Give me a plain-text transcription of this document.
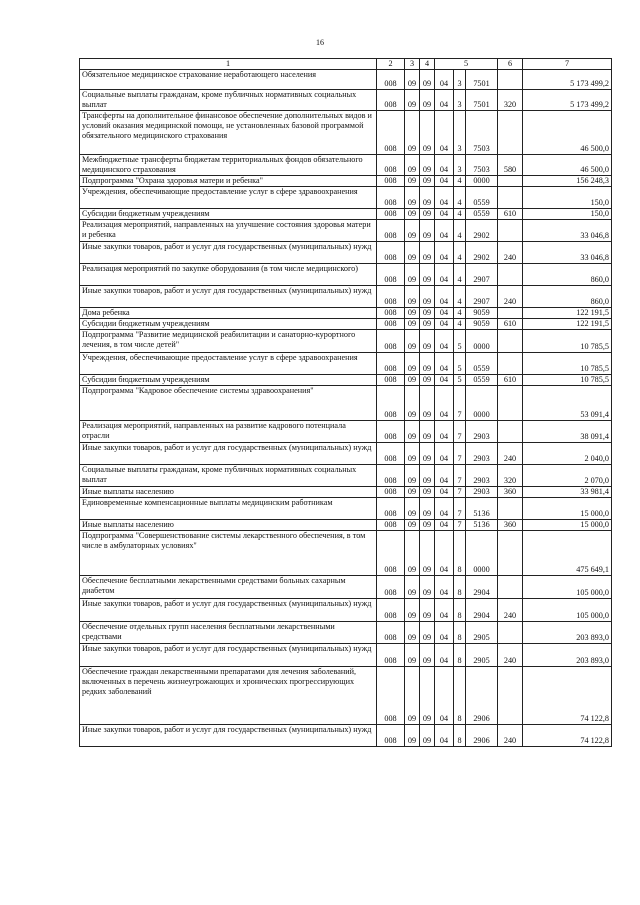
16
1	2	3	4	5			6	7
Обязательное медицинское страхование неработающего населения	008	09	09	04	3	7501		5 173 499,2
Социальные выплаты гражданам, кроме публичных нормативных социальных выплат	008	09	09	04	3	7501	320	5 173 499,2
Трансферты на дополнительное финансовое обеспечение дополнительных видов и условий оказания медицинской помощи, не установленных базовой программой обязательного медицинского страхования	008	09	09	04	3	7503		46 500,0
Межбюджетные трансферты бюджетам территориальных фондов обязательного медицинского страхования	008	09	09	04	3	7503	580	46 500,0
Подпрограмма "Охрана здоровья матери и ребенка"	008	09	09	04	4	0000		156 248,3
Учреждения, обеспечивающие предоставление услуг в сфере здравоохранения	008	09	09	04	4	0559		150,0
Субсидии бюджетным учреждениям	008	09	09	04	4	0559	610	150,0
Реализация мероприятий, направленных на улучшение состояния здоровья матери и ребенка	008	09	09	04	4	2902		33 046,8
Иные закупки товаров, работ и услуг для государственных (муниципальных) нужд	008	09	09	04	4	2902	240	33 046,8
Реализация мероприятий по закупке оборудования (в том числе медицинского)	008	09	09	04	4	2907		860,0
Иные закупки товаров, работ и услуг для государственных (муниципальных) нужд	008	09	09	04	4	2907	240	860,0
Дома ребенка	008	09	09	04	4	9059		122 191,5
Субсидии бюджетным учреждениям	008	09	09	04	4	9059	610	122 191,5
Подпрограмма "Развитие медицинской реабилитации и санаторно-курортного лечения, в том числе детей"	008	09	09	04	5	0000		10 785,5
Учреждения, обеспечивающие предоставление услуг в сфере здравоохранения	008	09	09	04	5	0559		10 785,5
Субсидии бюджетным учреждениям	008	09	09	04	5	0559	610	10 785,5
Подпрограмма "Кадровое обеспечение системы здравоохранения"	008	09	09	04	7	0000		53 091,4
Реализация мероприятий, направленных на развитие кадрового потенциала отрасли	008	09	09	04	7	2903		38 091,4
Иные закупки товаров, работ и услуг для государственных (муниципальных) нужд	008	09	09	04	7	2903	240	2 040,0
Социальные выплаты гражданам, кроме публичных нормативных социальных выплат	008	09	09	04	7	2903	320	2 070,0
Иные выплаты населению	008	09	09	04	7	2903	360	33 981,4
Единовременные компенсационные выплаты медицинским работникам	008	09	09	04	7	5136		15 000,0
Иные выплаты населению	008	09	09	04	7	5136	360	15 000,0
Подпрограмма "Совершенствование системы лекарственного обеспечения, в том числе в амбулаторных условиях"	008	09	09	04	8	0000		475 649,1
Обеспечение бесплатными лекарственными средствами больных сахарным диабетом	008	09	09	04	8	2904		105 000,0
Иные закупки товаров, работ и услуг для государственных (муниципальных) нужд	008	09	09	04	8	2904	240	105 000,0
Обеспечение отдельных групп населения бесплатными лекарственными средствами	008	09	09	04	8	2905		203 893,0
Иные закупки товаров, работ и услуг для государственных (муниципальных) нужд	008	09	09	04	8	2905	240	203 893,0
Обеспечение граждан лекарственными препаратами для лечения заболеваний, включенных в перечень жизнеугрожающих и хронических прогрессирующих редких заболеваний	008	09	09	04	8	2906		74 122,8
Иные закупки товаров, работ и услуг для государственных (муниципальных) нужд	008	09	09	04	8	2906	240	74 122,8
